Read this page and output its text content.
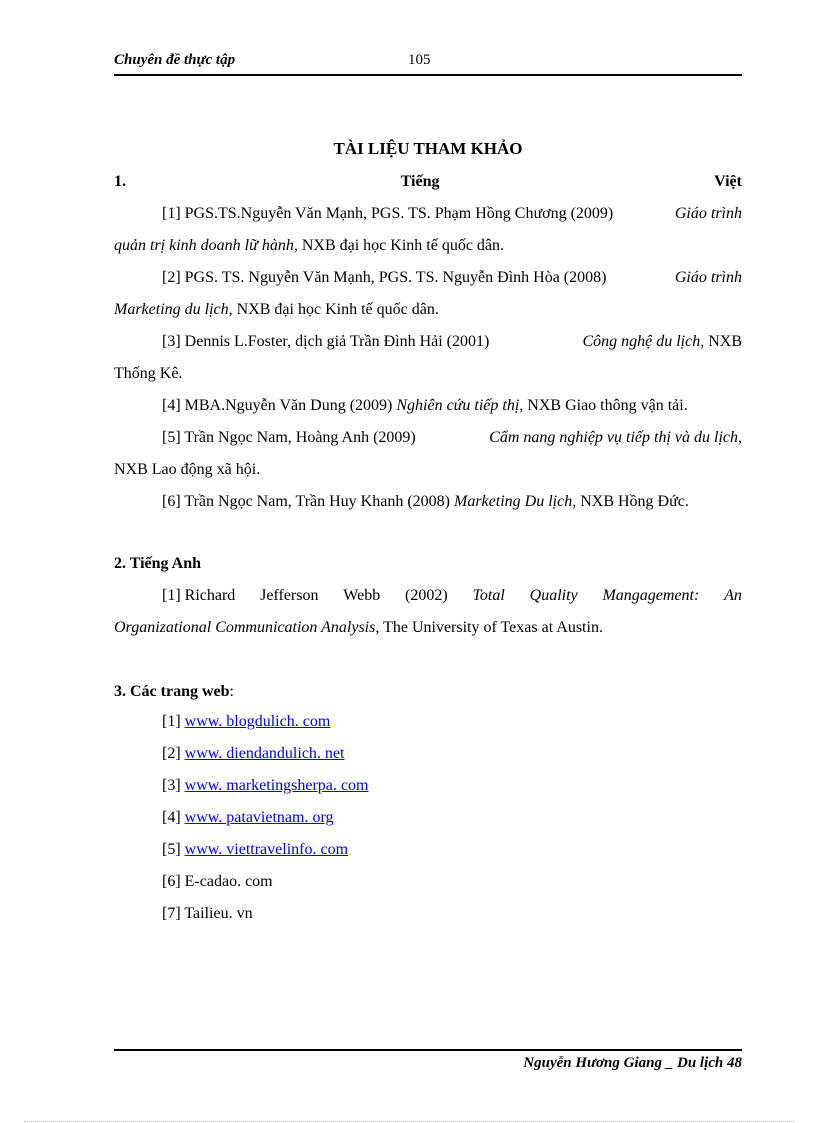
Chuyên đề thực tập	105
TÀI LIỆU THAM KHẢO
1.	Tiếng	Việt
[1] PGS.TS.Nguyễn Văn Mạnh, PGS. TS. Phạm Hồng Chương (2009)	Giáo trình
quản trị kinh doanh lữ hành, NXB đại học Kinh tế quốc dân.
[2] PGS. TS. Nguyễn Văn Mạnh, PGS. TS. Nguyễn Đình Hòa (2008)	Giáo trình
Marketing du lịch, NXB đại học Kinh tế quốc dân.
[3] Dennis L.Foster, dịch giả Trần Đình Hải (2001)	Công nghệ du lịch, NXB
Thống Kê.
[4] MBA.Nguyễn Văn Dung (2009) Nghiên cứu tiếp thị, NXB Giao thông vận tải.
[5] Trần Ngọc Nam, Hoàng Anh (2009)	Cẩm nang nghiệp vụ tiếp thị và du lịch,
NXB Lao động xã hội.
[6] Trần Ngọc Nam, Trần Huy Khanh (2008) Marketing Du lịch, NXB Hồng Đức.
2. Tiếng Anh
[1] Richard Jefferson Webb (2002) Total Quality Mangagement: An
Organizational Communication Analysis, The University of Texas at Austin.
3. Các trang web:
[1] www. blogdulich. com
[2] www. diendandulich. net
[3] www. marketingsherpa. com
[4] www. patavietnam. org
[5] www. viettravelinfo. com
[6] E-cadao. com
[7] Tailieu. vn
Nguyễn Hương Giang _ Du lịch 48
